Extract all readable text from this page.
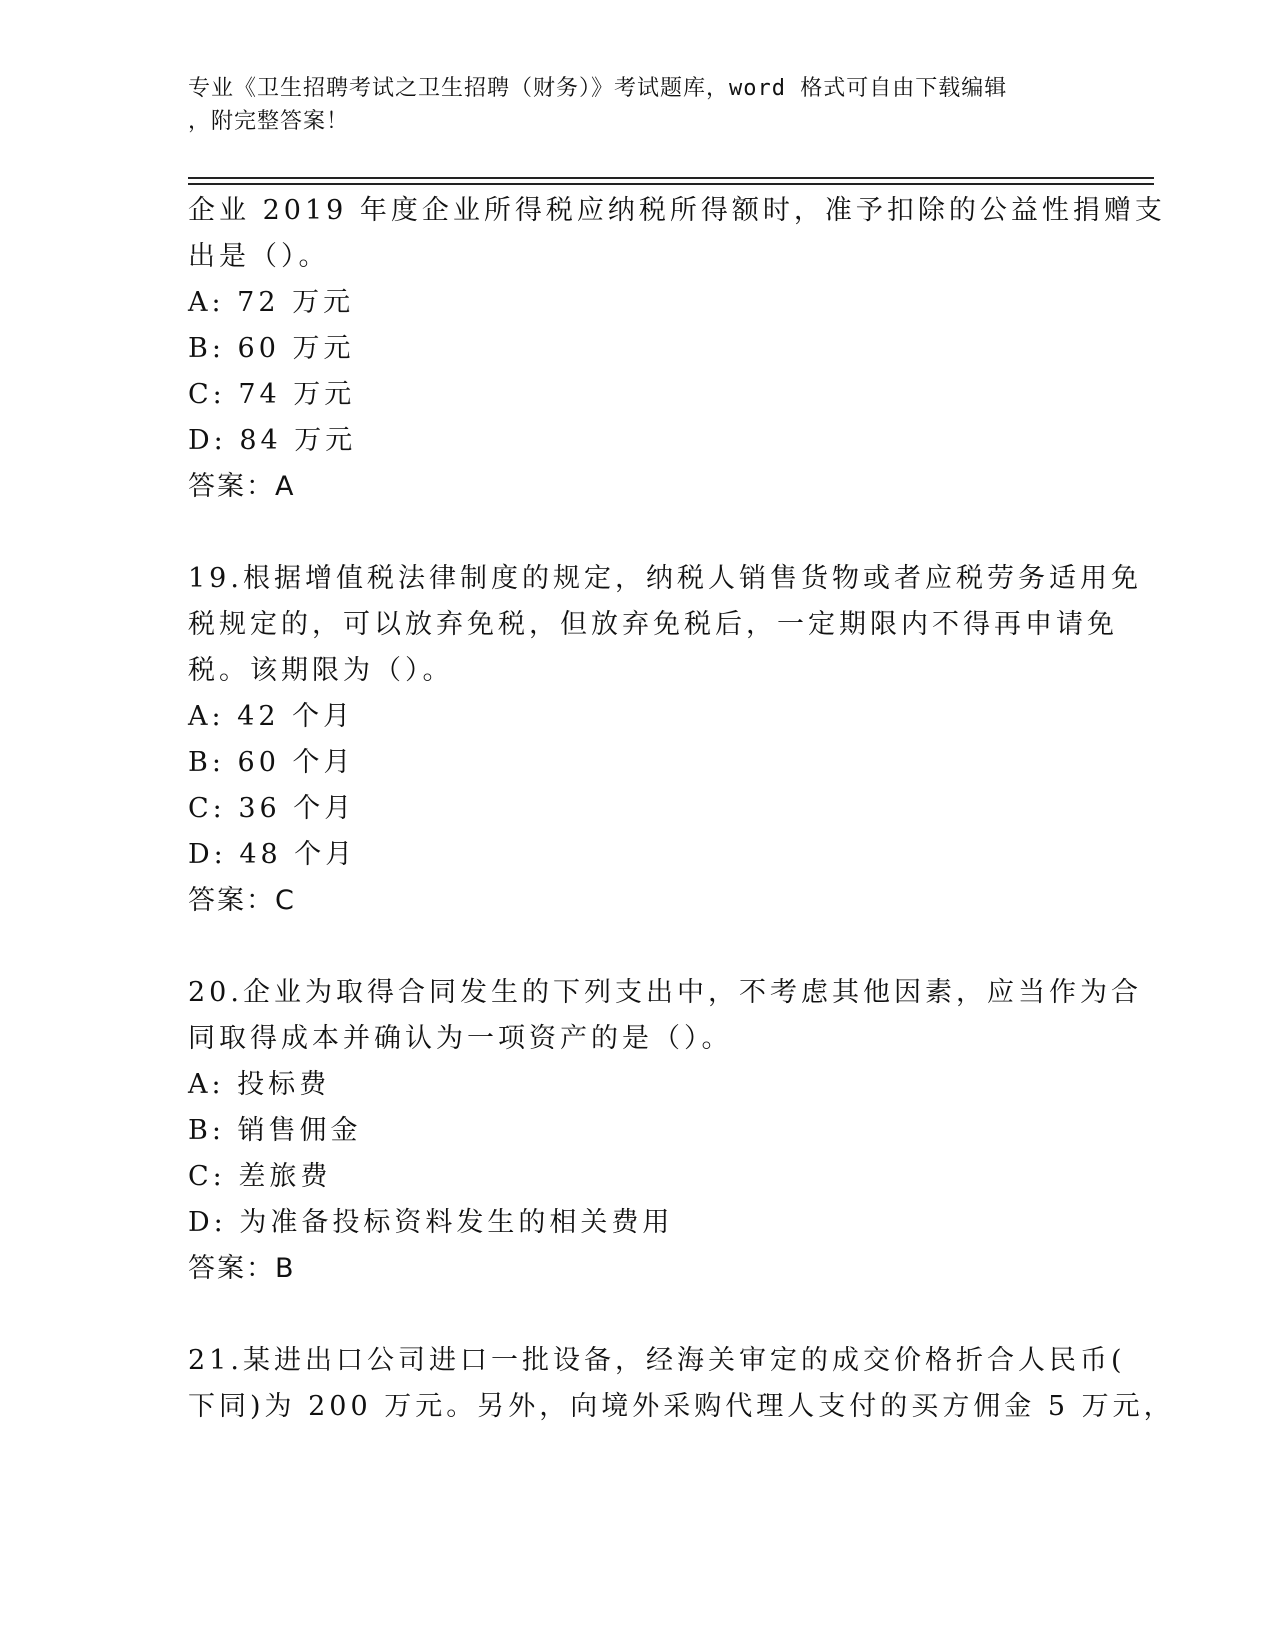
专业《卫生招聘考试之卫生招聘（财务）》考试题库，word 格式可自由下载编辑
，附完整答案！
企业 2019 年度企业所得税应纳税所得额时，准予扣除的公益性捐赠支
出是（）。
A: 72 万元
B: 60 万元
C: 74 万元
D: 84 万元
答案：A
19.根据增值税法律制度的规定，纳税人销售货物或者应税劳务适用免
税规定的，可以放弃免税，但放弃免税后，一定期限内不得再申请免
税。该期限为（）。
A: 42 个月
B: 60 个月
C: 36 个月
D: 48 个月
答案：C
20.企业为取得合同发生的下列支出中，不考虑其他因素，应当作为合
同取得成本并确认为一项资产的是（）。
A: 投标费
B: 销售佣金
C: 差旅费
D: 为准备投标资料发生的相关费用
答案：B
21.某进出口公司进口一批设备，经海关审定的成交价格折合人民币(
下同)为 200 万元。另外，向境外采购代理人支付的买方佣金 5 万元，
